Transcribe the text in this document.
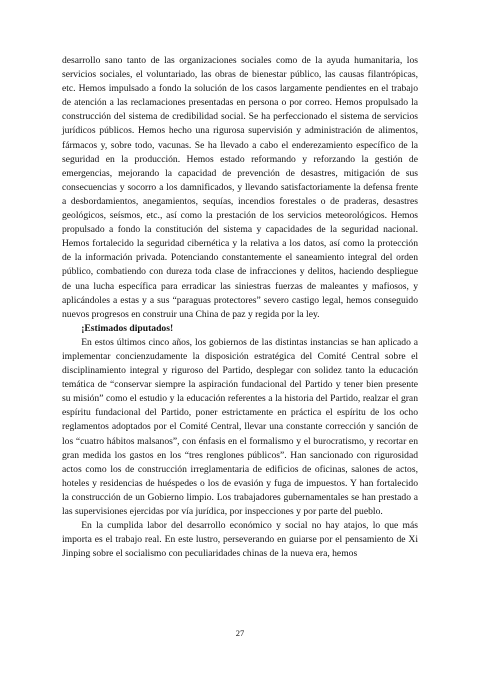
desarrollo sano tanto de las organizaciones sociales como de la ayuda humanitaria, los servicios sociales, el voluntariado, las obras de bienestar público, las causas filantrópicas, etc. Hemos impulsado a fondo la solución de los casos largamente pendientes en el trabajo de atención a las reclamaciones presentadas en persona o por correo. Hemos propulsado la construcción del sistema de credibilidad social. Se ha perfeccionado el sistema de servicios jurídicos públicos. Hemos hecho una rigurosa supervisión y administración de alimentos, fármacos y, sobre todo, vacunas. Se ha llevado a cabo el enderezamiento específico de la seguridad en la producción. Hemos estado reformando y reforzando la gestión de emergencias, mejorando la capacidad de prevención de desastres, mitigación de sus consecuencias y socorro a los damnificados, y llevando satisfactoriamente la defensa frente a desbordamientos, anegamientos, sequías, incendios forestales o de praderas, desastres geológicos, seísmos, etc., así como la prestación de los servicios meteorológicos. Hemos propulsado a fondo la constitución del sistema y capacidades de la seguridad nacional. Hemos fortalecido la seguridad cibernética y la relativa a los datos, así como la protección de la información privada. Potenciando constantemente el saneamiento integral del orden público, combatiendo con dureza toda clase de infracciones y delitos, haciendo despliegue de una lucha específica para erradicar las siniestras fuerzas de maleantes y mafiosos, y aplicándoles a estas y a sus “paraguas protectores” severo castigo legal, hemos conseguido nuevos progresos en construir una China de paz y regida por la ley.

¡Estimados diputados!

En estos últimos cinco años, los gobiernos de las distintas instancias se han aplicado a implementar concienzudamente la disposición estratégica del Comité Central sobre el disciplinamiento integral y riguroso del Partido, desplegar con solidez tanto la educación temática de “conservar siempre la aspiración fundacional del Partido y tener bien presente su misión” como el estudio y la educación referentes a la historia del Partido, realzar el gran espíritu fundacional del Partido, poner estrictamente en práctica el espíritu de los ocho reglamentos adoptados por el Comité Central, llevar una constante corrección y sanción de los “cuatro hábitos malsanos”, con énfasis en el formalismo y el burocratismo, y recortar en gran medida los gastos en los “tres renglones públicos”. Han sancionado con rigurosidad actos como los de construcción irreglamentaria de edificios de oficinas, salones de actos, hoteles y residencias de huéspedes o los de evasión y fuga de impuestos. Y han fortalecido la construcción de un Gobierno limpio. Los trabajadores gubernamentales se han prestado a las supervisiones ejercidas por vía jurídica, por inspecciones y por parte del pueblo.

En la cumplida labor del desarrollo económico y social no hay atajos, lo que más importa es el trabajo real. En este lustro, perseverando en guiarse por el pensamiento de Xi Jinping sobre el socialismo con peculiaridades chinas de la nueva era, hemos

27
